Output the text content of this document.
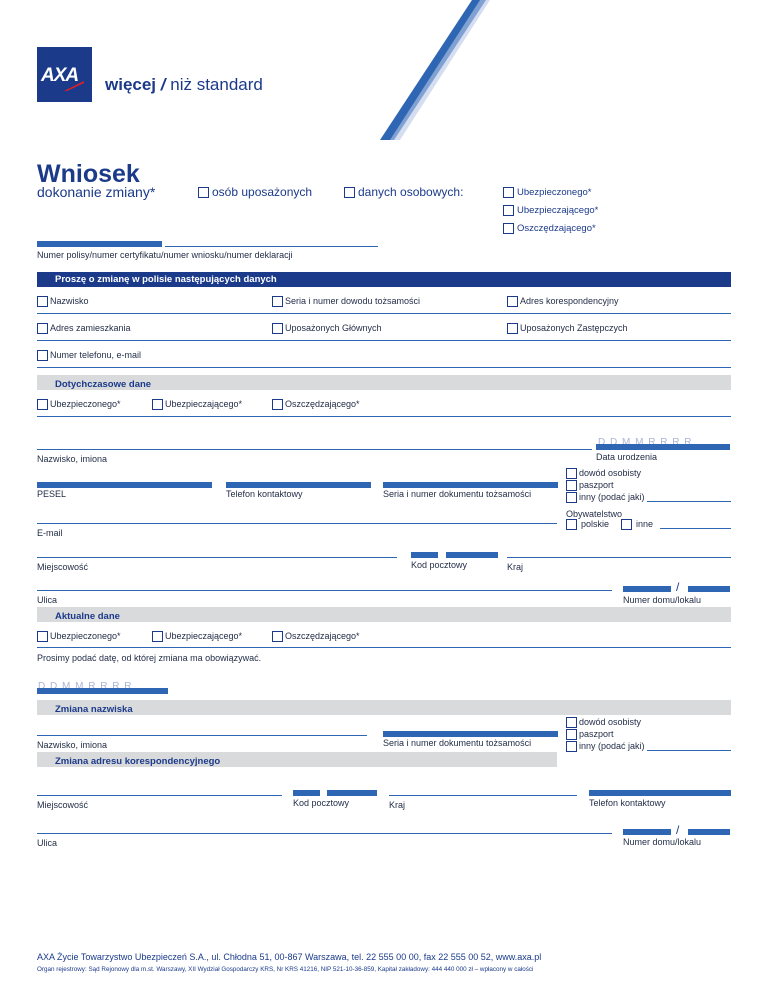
AXA więcej / niż standard
Wniosek
dokonanie zmiany*	osób uposażonych	danych osobowych:	Ubezpieczonego*
Ubezpieczającego*
Oszczędzającego*
Numer polisy/numer certyfikatu/numer wniosku/numer deklaracji
Proszę o zmianę w polisie następujących danych
Nazwisko	Seria i numer dowodu tożsamości	Adres korespondencyjny
Adres zamieszkania	Uposażonych Głównych	Uposażonych Zastępczych
Numer telefonu, e-mail
Dotychczasowe dane
Ubezpieczonego*	Ubezpieczającego*	Oszczędzającego*
Nazwisko, imiona	Data urodzenia
PESEL	Telefon kontaktowy	Seria i numer dokumentu tożsamości
dowód osobisty
paszport
inny (podać jaki)
Obywatelstwo
polskie	inne
E-mail
Miejscowość	Kod pocztowy	Kraj
Ulica
/
Numer domu/lokalu
Aktualne dane
Ubezpieczonego*	Ubezpieczającego*	Oszczędzającego*
Prosimy podać datę, od której zmiana ma obowiązywać.
Zmiana nazwiska
Nazwisko, imiona	Seria i numer dokumentu tożsamości
dowód osobisty
paszport
inny (podać jaki)
Zmiana adresu korespondencyjnego
Miejscowość	Kod pocztowy	Kraj	Telefon kontaktowy
Ulica
/
Numer domu/lokalu
AXA Życie Towarzystwo Ubezpieczeń S.A., ul. Chłodna 51, 00-867 Warszawa, tel. 22 555 00 00, fax 22 555 00 52, www.axa.pl
Organ rejestrowy: Sąd Rejonowy dla m.st. Warszawy, XII Wydział Gospodarczy KRS, Nr KRS 41216, NIP 521-10-36-859, Kapitał zakładowy: 444 440 000 zł – wpłacony w całości
